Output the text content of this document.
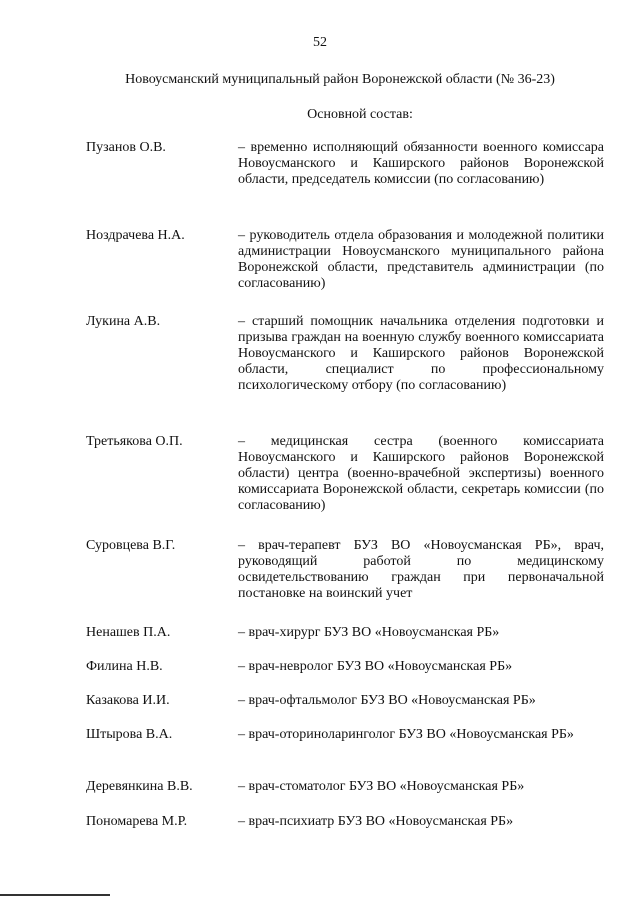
52
Новоусманский муниципальный район Воронежской области (№ 36-23)
Основной состав:
Пузанов О.В.	– временно исполняющий обязанности военного комиссара Новоусманского и Каширского районов Воронежской области, председатель комиссии (по согласованию)
Ноздрачева Н.А.	– руководитель отдела образования и молодежной политики администрации Новоусманского муниципального района Воронежской области, представитель администрации (по согласованию)
Лукина А.В.	– старший помощник начальника отделения подготовки и призыва граждан на военную службу военного комиссариата Новоусманского и Каширского районов Воронежской области, специалист по профессиональному психологическому отбору (по согласованию)
Третьякова О.П.	– медицинская сестра (военного комиссариата Новоусманского и Каширского районов Воронежской области) центра (военно-врачебной экспертизы) военного комиссариата Воронежской области, секретарь комиссии (по согласованию)
Суровцева В.Г.	– врач-терапевт БУЗ ВО «Новоусманская РБ», врач, руководящий работой по медицинскому освидетельствованию граждан при первоначальной постановке на воинский учет
Ненашев П.А.	– врач-хирург БУЗ ВО «Новоусманская РБ»
Филина Н.В.	– врач-невролог БУЗ ВО «Новоусманская РБ»
Казакова И.И.	– врач-офтальмолог БУЗ ВО «Новоусманская РБ»
Штырова В.А.	– врач-оториноларинголог БУЗ ВО «Новоусманская РБ»
Деревянкина В.В.	– врач-стоматолог БУЗ ВО «Новоусманская РБ»
Пономарева М.Р.	– врач-психиатр БУЗ ВО «Новоусманская РБ»
